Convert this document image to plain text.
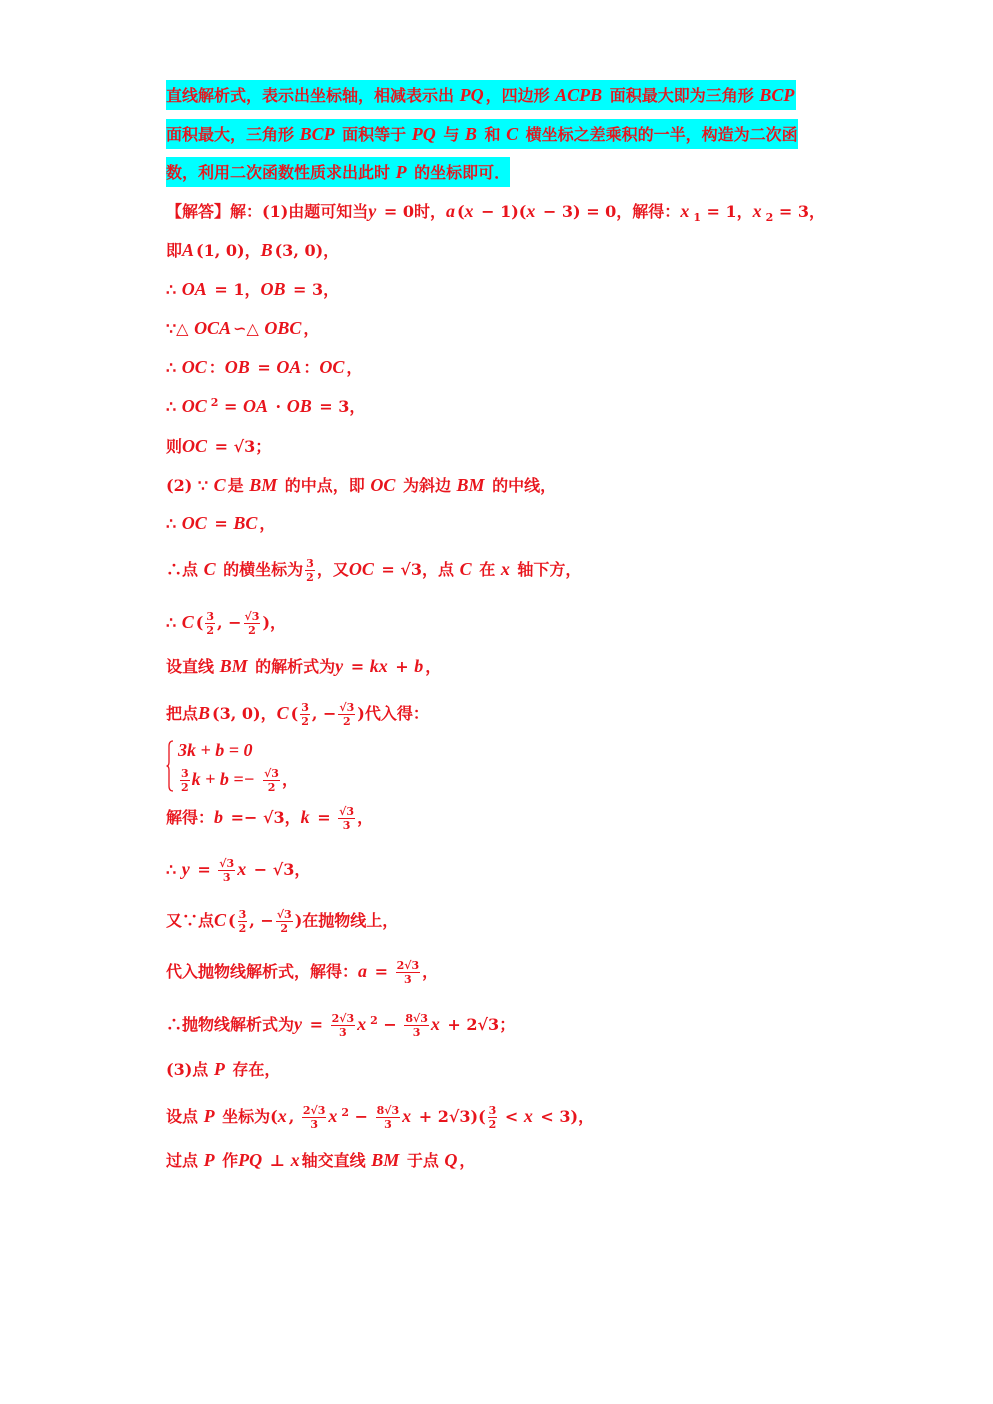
3k + b = 0
$\frac{3}{2}$ $k + b =- \frac{√3}{2}$ ，
直线解析式，表示出坐标轴，相减表示出 PQ ，四边形 ACPB 面积最大即为三角形 BCP
面积最大，三角形 BCP 面积等于 PQ 与 B 和 C 横坐标之差乘积的一半，构造为二次函
数，利用二次函数性质求出此时 P 的坐标即可．
【解答】解：(1)由题可知当y = 0时，a (x − 1)(x − 3) = 0，解得：x $_1$ = 1，x $_2$ = 3，
即A (1, 0)，B (3, 0)，
∴ OA = 1，OB = 3，
∵△ OCA ∽△ OBC ，
∴ OC ：OB = OA ：OC ，
∴ OC $^2$ = OA · OB = 3，
则OC = √3；
(2) ∵ C 是 BM 的中点，即 OC 为斜边 BM 的中线，
∴ OC = BC ，
∴点 C 的横坐标为 $\frac{3}{2}$ ，又OC = √3，点 C 在 x 轴下方，
∴ C ( $\frac{3}{2}$ , − $\frac{√3}{2}$ )，
设直线 BM 的解析式为y = kx + b ，
把点B (3, 0)，C ( $\frac{3}{2}$ , − $\frac{√3}{2}$ )代入得：
解得：b =− √3，$k = \frac{√3}{3}$ ，
∴ $y = \frac{√3}{3}$ x − √3，
又∵点C ( $\frac{3}{2}$ , − $\frac{√3}{2}$ )在抛物线上，
代入抛物线解析式，解得：$a = \frac{2√3}{3}$ ，
∴抛物线解析式为$y = \frac{2√3}{3}$ x $^2 - \frac{8√3}{3}$ x + 2√3；
(3)点 P 存在，
设点 P 坐标为(x , $\frac{2√3}{3}$ x $^2 - \frac{8√3}{3}$ $x + 2√3)( \frac{3}{2} < x < 3)$，
过点 P 作PQ ⊥ x 轴交直线 BM 于点 Q ，
